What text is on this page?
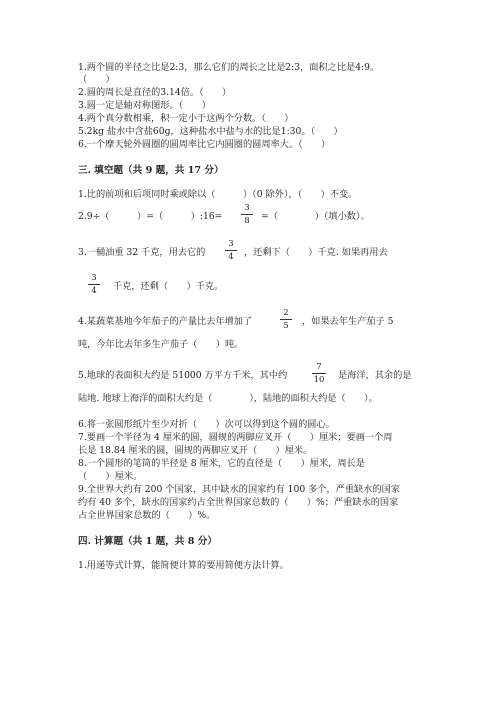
1.两个圆的半径之比是2:3，那么它们的周长之比是2:3，面积之比是4:9。
（　　）
2.圆的周长是直径的3.14倍。（　　）
3.圆一定是轴对称图形。（　　）
4.两个真分数相乘，积一定小于这两个分数。（　　）
5.2kg 盐水中含盐60g，这种盐水中盐与水的比是1:30。（　　）
6.一个摩天轮外圆圈的圆周率比它内圆圈的圆周率大。（　　）
三. 填空题（共 9 题，共 17 分）
1.比的前项和后项同时乘或除以（　　　）（0 除外），（　　）不变。
2.9÷（　　　）=（　　　）:16=
3
8	=（　　　　）（填小数）。
3.一桶油重 32 千克，用去它的
3
4	，还剩下（　　）千克. 如果再用去
3
4	千克，还剩（　　）千克。
4.某蔬菜基地今年茄子的产量比去年增加了
2
5	，如果去年生产茄子 5
吨，今年比去年多生产茄子（　　）吨。
5.地球的表面积大约是 51000 万平方千米，其中约
7
10 是海洋，其余的是
陆地. 地球上海洋的面积大约是（　　　　），陆地的面积大约是（　　）。
6.将一张圆形纸片至少对折（　　）次可以得到这个圆的圆心。
7.要画一个半径为 4 厘米的圆，圆规的两脚应叉开（　　）厘米；要画一个周
长是 18.84 厘米的圆，圆规的两脚应叉开（　　）厘米。
8.一个圆形的笔筒的半径是 8 厘米，它的直径是（　　）厘米，周长是
（　　）厘米。
9.全世界大约有 200 个国家，其中缺水的国家约有 100 多个，严重缺水的国家
约有 40 多个，缺水的国家约占全世界国家总数的（　　）%；严重缺水的国家
占全世界国家总数的（　　）%。
四. 计算题（共 1 题，共 8 分）
1.用递等式计算，能简便计算的要用简便方法计算。
